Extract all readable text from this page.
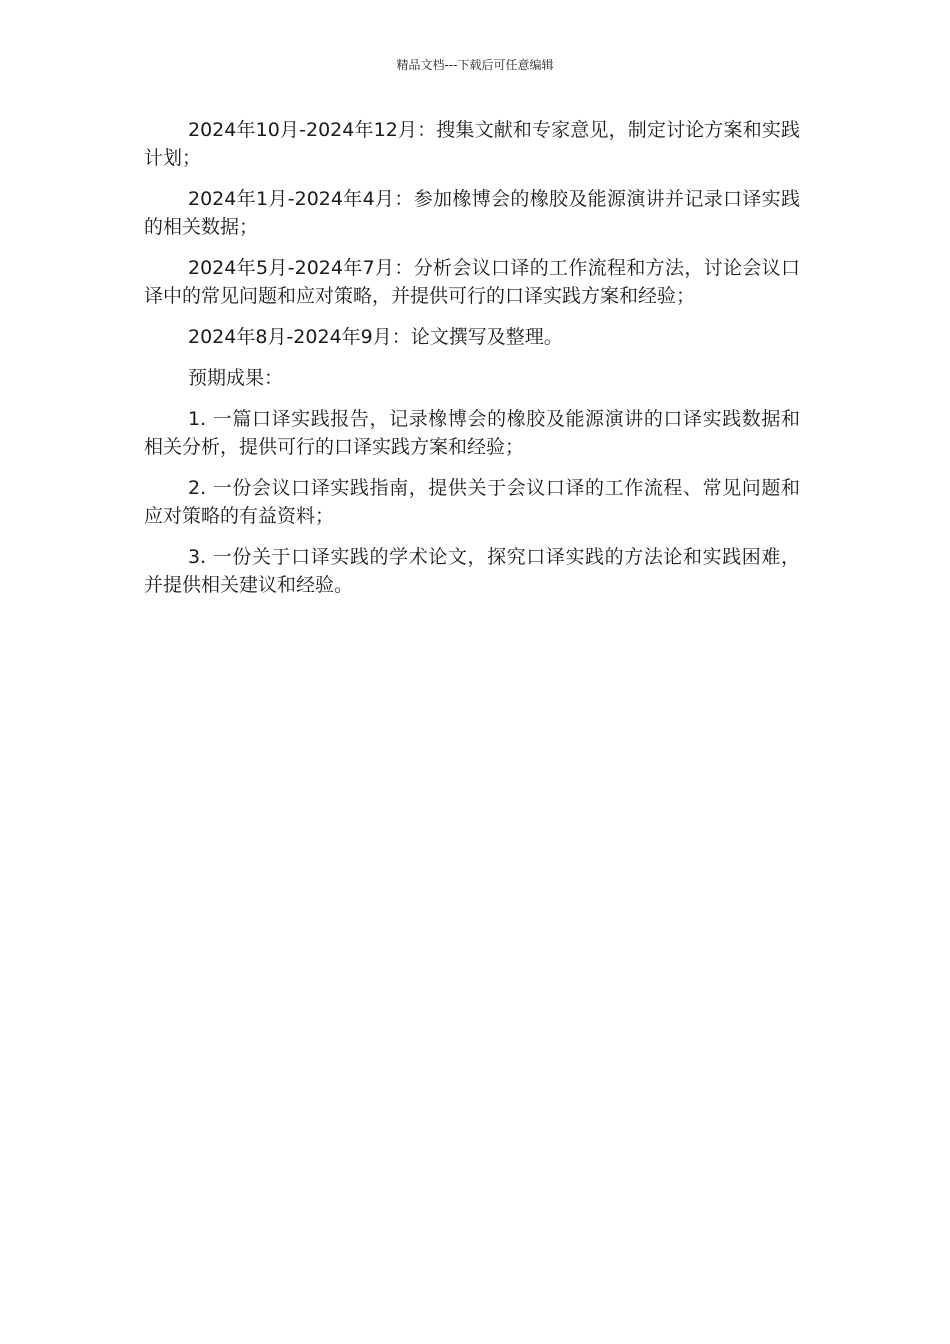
精品文档---下载后可任意编辑

2024年10月-2024年12月：搜集文献和专家意见，制定讨论方案和实践计划；

2024年1月-2024年4月：参加橡博会的橡胶及能源演讲并记录口译实践的相关数据；

2024年5月-2024年7月：分析会议口译的工作流程和方法，讨论会议口译中的常见问题和应对策略，并提供可行的口译实践方案和经验；

2024年8月-2024年9月：论文撰写及整理。

预期成果：

1. 一篇口译实践报告，记录橡博会的橡胶及能源演讲的口译实践数据和相关分析，提供可行的口译实践方案和经验；

2. 一份会议口译实践指南，提供关于会议口译的工作流程、常见问题和应对策略的有益资料；

3. 一份关于口译实践的学术论文，探究口译实践的方法论和实践困难，并提供相关建议和经验。
